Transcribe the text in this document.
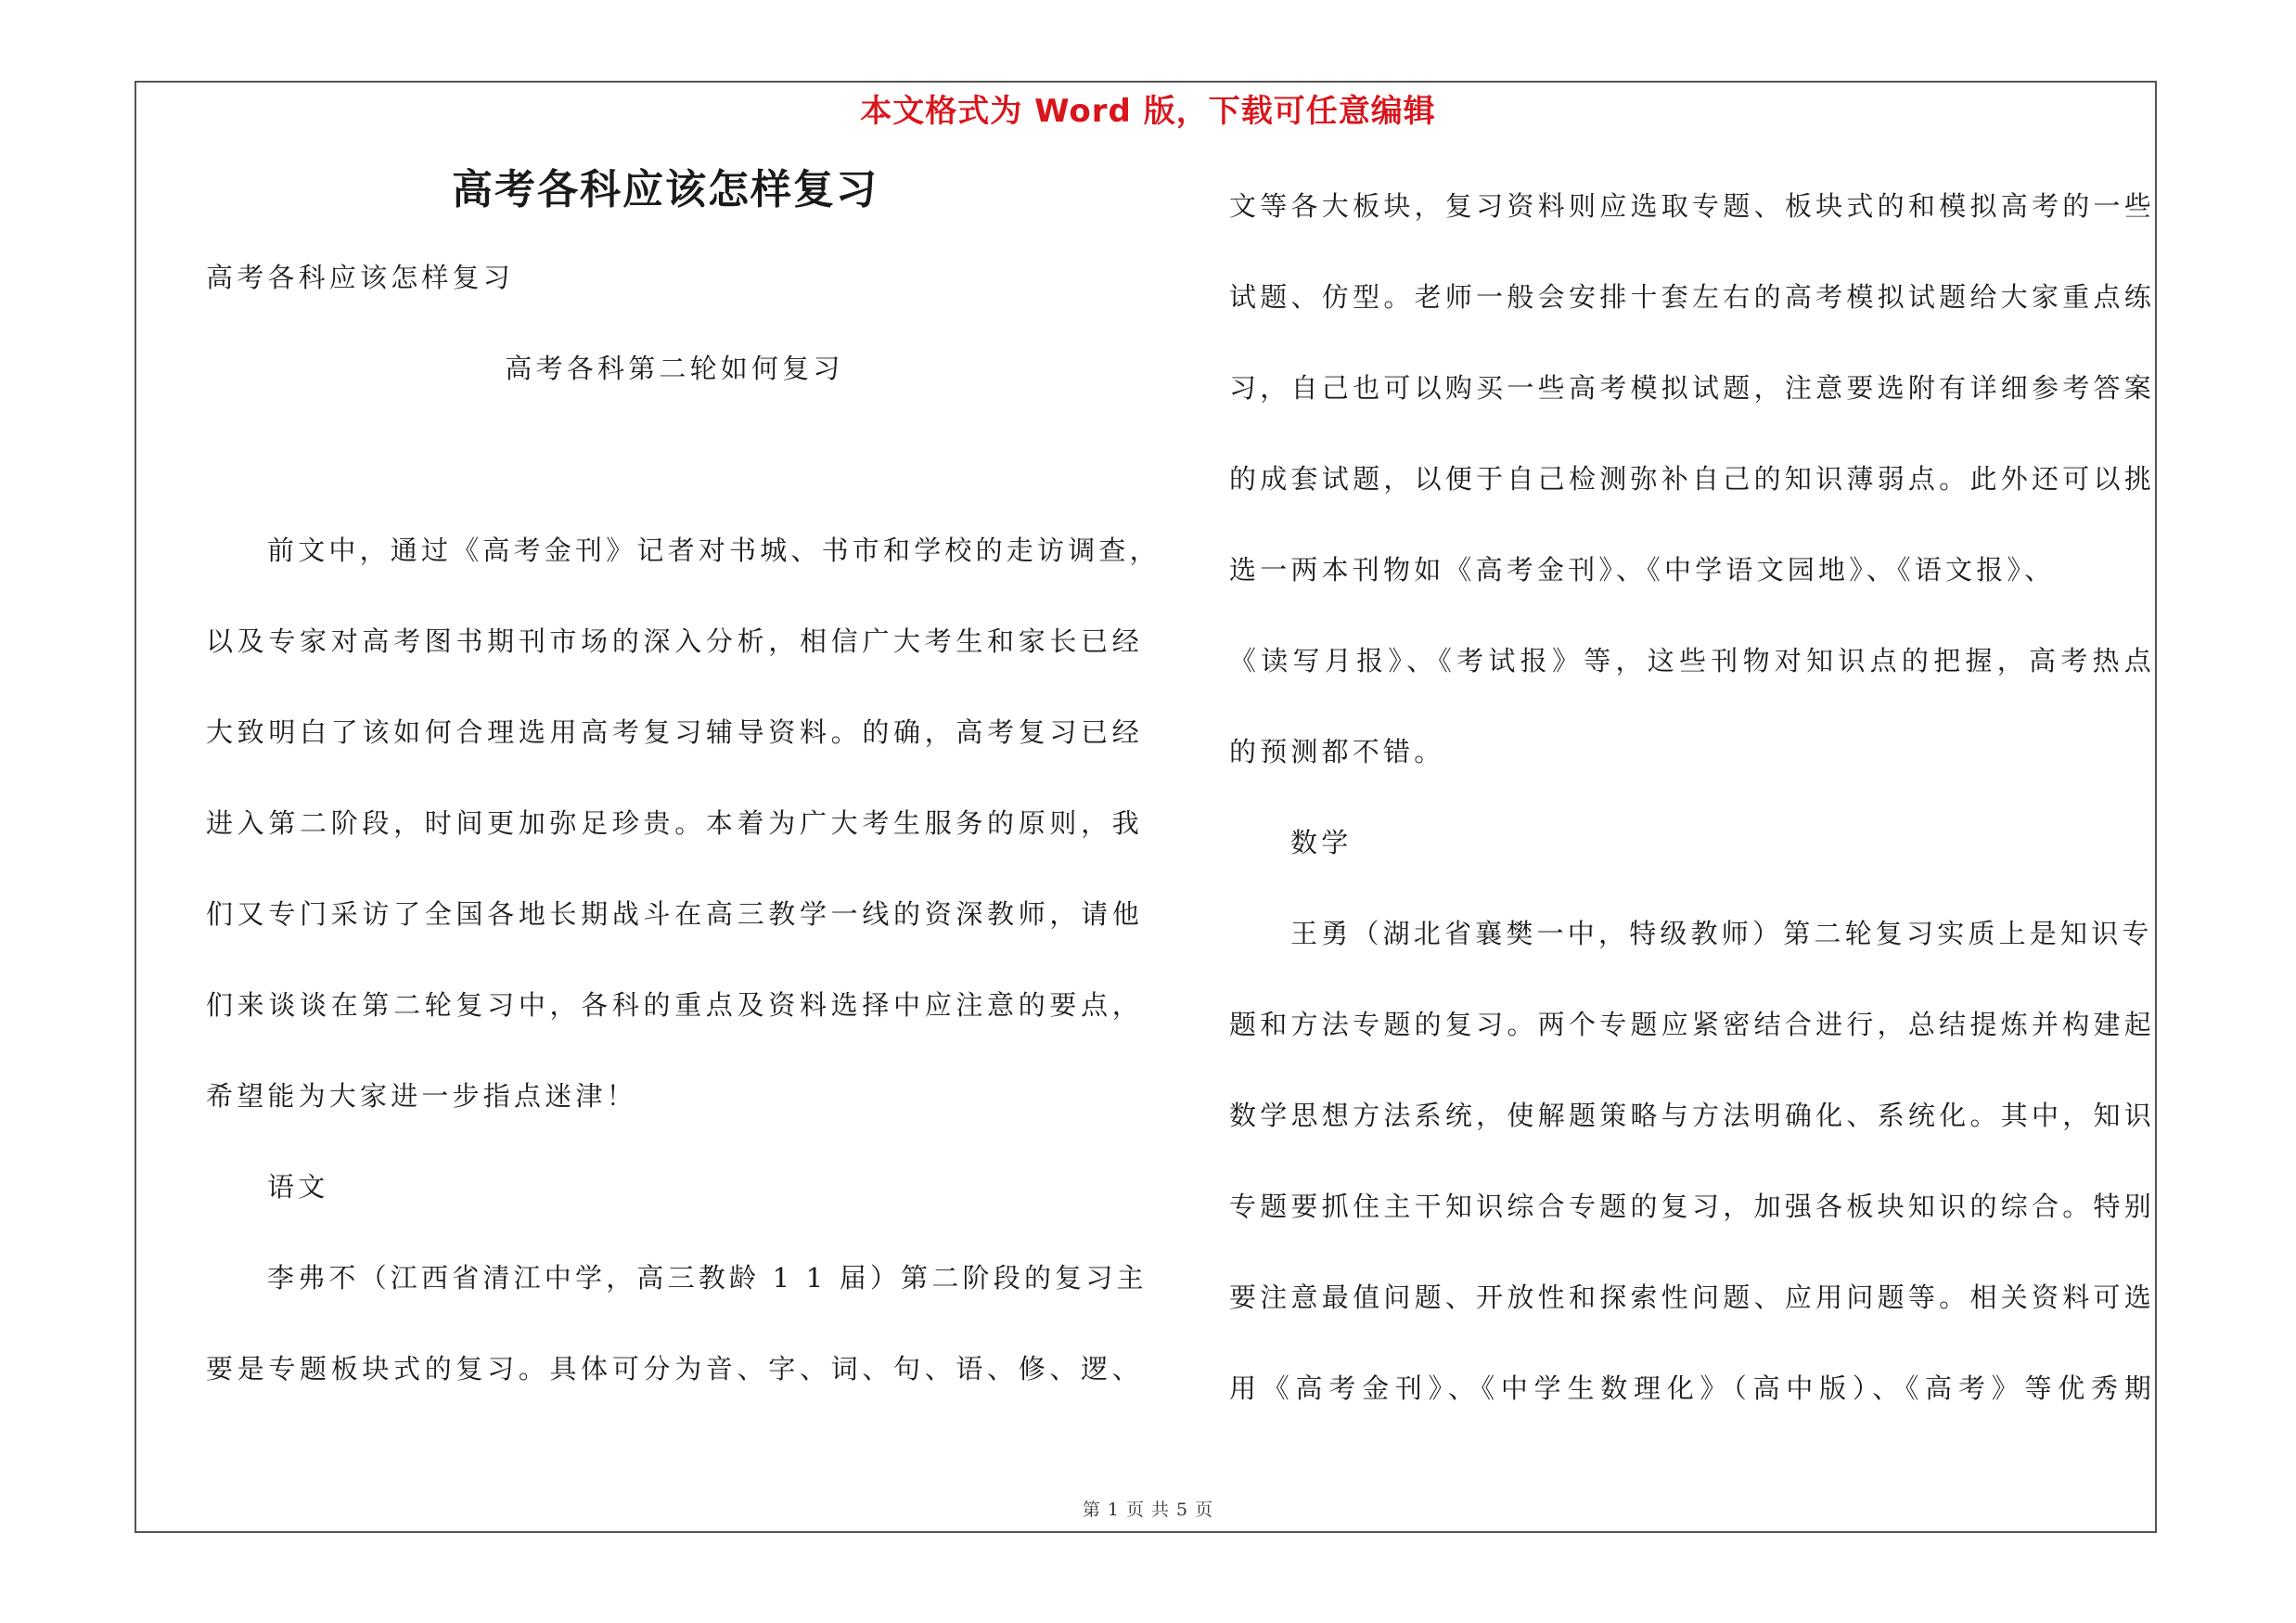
本文格式为 Word 版，下载可任意编辑
高考各科应该怎样复习
高考各科应该怎样复习
高考各科第二轮如何复习
前文中，通过《高考金刊》记者对书城、书市和学校的走访调查，
以及专家对高考图书期刊市场的深入分析，相信广大考生和家长已经
大致明白了该如何合理选用高考复习辅导资料。的确，高考复习已经
进入第二阶段，时间更加弥足珍贵。本着为广大考生服务的原则，我
们又专门采访了全国各地长期战斗在高三教学一线的资深教师，请他
们来谈谈在第二轮复习中，各科的重点及资料选择中应注意的要点，
希望能为大家进一步指点迷津！
语文
李弗不（江西省清江中学，高三教龄 1 1 届）第二阶段的复习主
要是专题板块式的复习。具体可分为音、字、词、句、语、修、逻、
文等各大板块，复习资料则应选取专题、板块式的和模拟高考的一些
试题、仿型。老师一般会安排十套左右的高考模拟试题给大家重点练
习，自己也可以购买一些高考模拟试题，注意要选附有详细参考答案
的成套试题，以便于自己检测弥补自己的知识薄弱点。此外还可以挑
选一两本刊物如《高考金刊》、《中学语文园地》、《语文报》、
《读写月报》、《考试报》等，这些刊物对知识点的把握，高考热点
的预测都不错。
数学
王勇（湖北省襄樊一中，特级教师）第二轮复习实质上是知识专
题和方法专题的复习。两个专题应紧密结合进行，总结提炼并构建起
数学思想方法系统，使解题策略与方法明确化、系统化。其中，知识
专题要抓住主干知识综合专题的复习，加强各板块知识的综合。特别
要注意最值问题、开放性和探索性问题、应用问题等。相关资料可选
用《高考金刊》、《中学生数理化》（高中版）、《高考》等优秀期
第 1 页 共 5 页
